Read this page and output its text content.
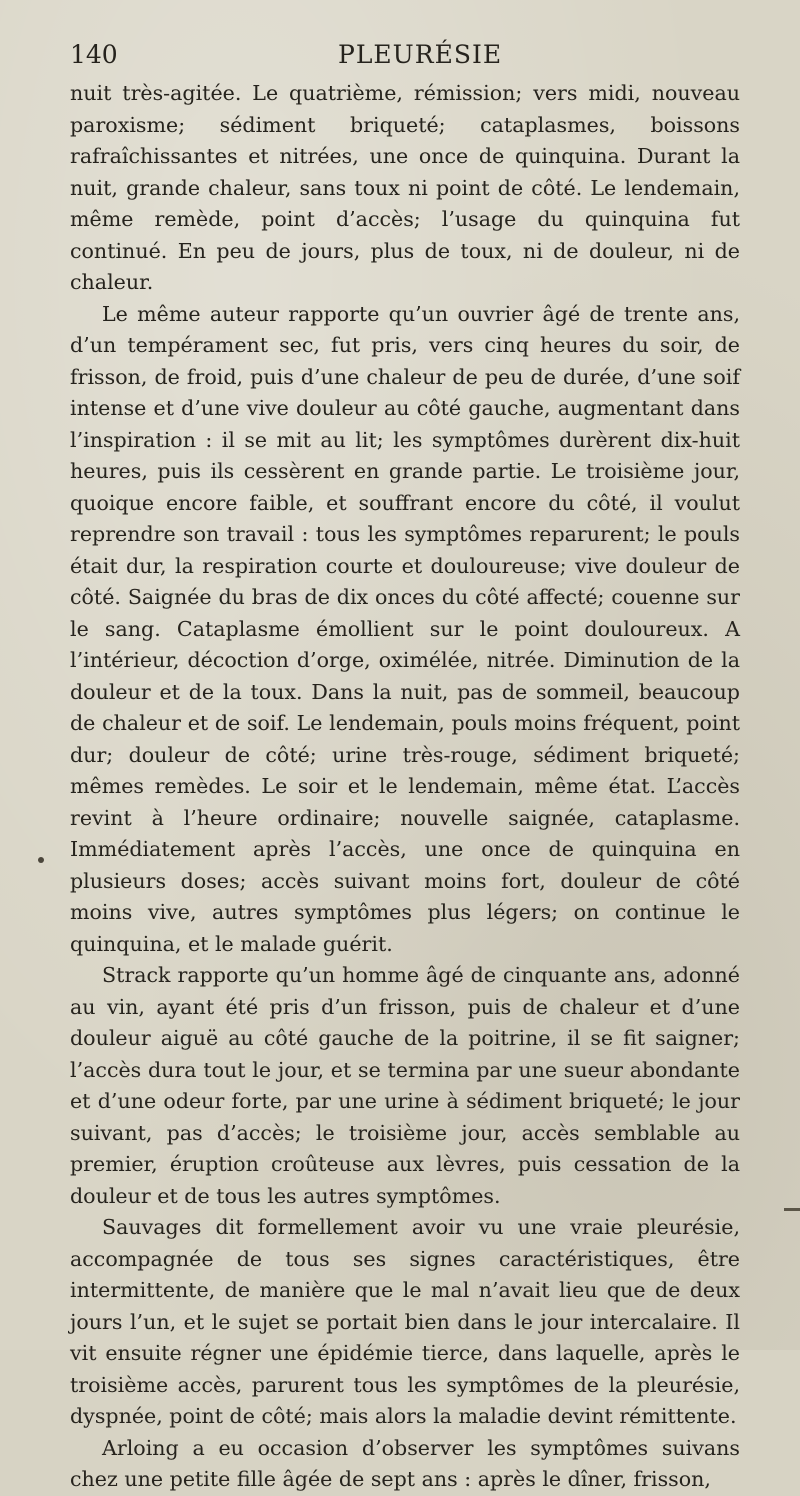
140	PLEURÉSIE

nuit très-agitée. Le quatrième, rémission; vers midi, nouveau paroxisme; sédiment briqueté; cataplasmes, boissons rafraîchissantes et nitrées, une once de quinquina. Durant la nuit, grande chaleur, sans toux ni point de côté. Le lendemain, même remède, point d’accès; l’usage du quinquina fut continué. En peu de jours, plus de toux, ni de douleur, ni de chaleur.

Le même auteur rapporte qu’un ouvrier âgé de trente ans, d’un tempérament sec, fut pris, vers cinq heures du soir, de frisson, de froid, puis d’une chaleur de peu de durée, d’une soif intense et d’une vive douleur au côté gauche, augmentant dans l’inspiration : il se mit au lit; les symptômes durèrent dix-huit heures, puis ils cessèrent en grande partie. Le troisième jour, quoique encore faible, et souffrant encore du côté, il voulut reprendre son travail : tous les symptômes reparurent; le pouls était dur, la respiration courte et douloureuse; vive douleur de côté. Saignée du bras de dix onces du côté affecté; couenne sur le sang. Cataplasme émollient sur le point douloureux. A l’intérieur, décoction d’orge, oximélée, nitrée. Diminution de la douleur et de la toux. Dans la nuit, pas de sommeil, beaucoup de chaleur et de soif. Le lendemain, pouls moins fréquent, point dur; douleur de côté; urine très-rouge, sédiment briqueté; mêmes remèdes. Le soir et le lendemain, même état. L’accès revint à l’heure ordinaire; nouvelle saignée, cataplasme. Immédiatement après l’accès, une once de quinquina en plusieurs doses; accès suivant moins fort, douleur de côté moins vive, autres symptômes plus légers; on continue le quinquina, et le malade guérit.

Strack rapporte qu’un homme âgé de cinquante ans, adonné au vin, ayant été pris d’un frisson, puis de chaleur et d’une douleur aiguë au côté gauche de la poitrine, il se fit saigner; l’accès dura tout le jour, et se termina par une sueur abondante et d’une odeur forte, par une urine à sédiment briqueté; le jour suivant, pas d’accès; le troisième jour, accès semblable au premier, éruption croûteuse aux lèvres, puis cessation de la douleur et de tous les autres symptômes.

Sauvages dit formellement avoir vu une vraie pleurésie, accompagnée de tous ses signes caractéristiques, être intermittente, de manière que le mal n’avait lieu que de deux jours l’un, et le sujet se portait bien dans le jour intercalaire. Il vit ensuite régner une épidémie tierce, dans laquelle, après le troisième accès, parurent tous les symptômes de la pleurésie, dyspnée, point de côté; mais alors la maladie devint rémittente.

Arloing a eu occasion d’observer les symptômes suivans chez une petite fille âgée de sept ans : après le dîner, frisson,
